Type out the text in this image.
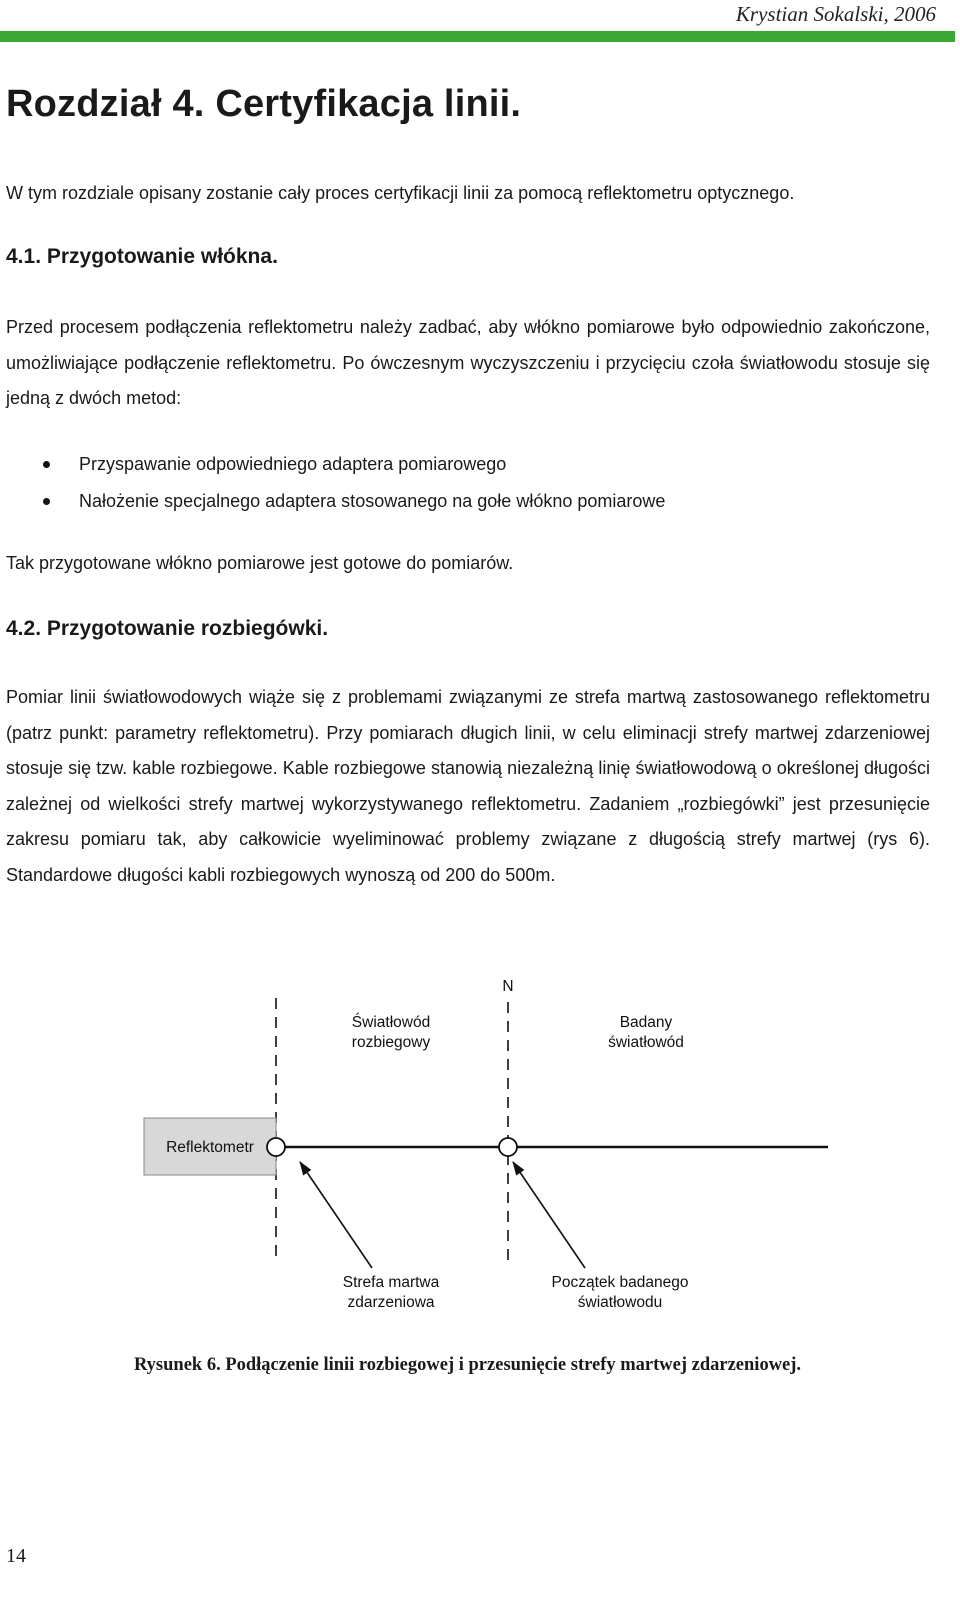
Krystian Sokalski, 2006
Rozdział 4. Certyfikacja linii.

W tym rozdziale opisany zostanie cały proces certyfikacji linii za pomocą reflektometru optycznego.

4.1. Przygotowanie włókna.

Przed procesem podłączenia reflektometru należy zadbać, aby włókno pomiarowe było odpowiednio zakończone, umożliwiające podłączenie reflektometru. Po ówczesnym wyczyszczeniu i przycięciu czoła światłowodu stosuje się jedną z dwóch metod:

Przyspawanie odpowiedniego adaptera pomiarowego
Nałożenie specjalnego adaptera stosowanego na gołe włókno pomiarowe

Tak przygotowane włókno pomiarowe jest gotowe do pomiarów.

4.2. Przygotowanie rozbiegówki.

Pomiar linii światłowodowych wiąże się z problemami związanymi ze strefa martwą zastosowanego reflektometru (patrz punkt: parametry reflektometru). Przy pomiarach długich linii, w celu eliminacji strefy martwej zdarzeniowej stosuje się tzw. kable rozbiegowe. Kable rozbiegowe stanowią niezależną linię światłowodową o określonej długości zależnej od wielkości strefy martwej wykorzystywanego reflektometru. Zadaniem „rozbiegówki” jest przesunięcie zakresu pomiaru tak, aby całkowicie wyeliminować problemy związane z długością strefy martwej (rys 6). Standardowe długości kabli rozbiegowych wynoszą od 200 do 500m.

N
Światłowód
rozbiegowy
Badany
światłowód
Reflektometr
Strefa martwa
zdarzeniowa
Początek badanego
światłowodu

Rysunek 6. Podłączenie linii rozbiegowej i przesunięcie strefy martwej zdarzeniowej.

14
